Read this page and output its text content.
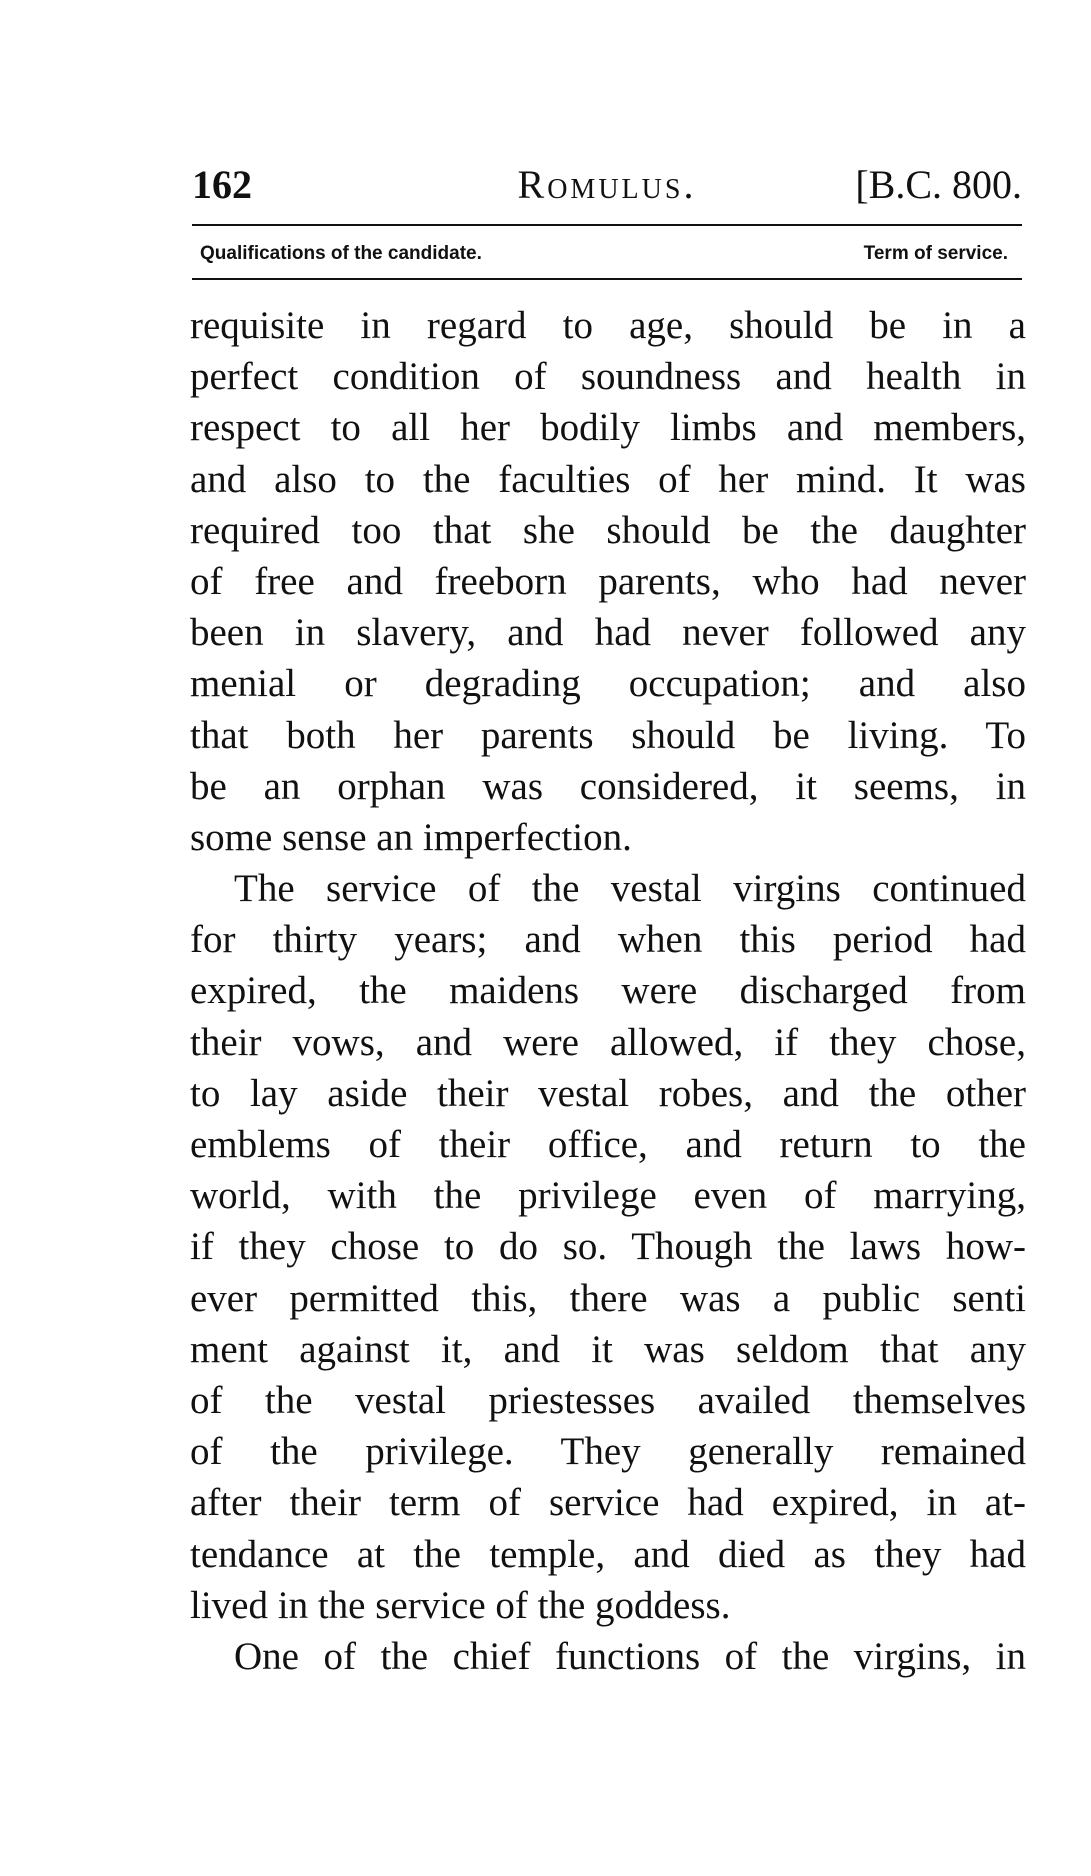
162	Romulus.	[B.C. 800.
Qualifications of the candidate.	Term of service.
requisite in regard to age, should be in a
perfect condition of soundness and health in
respect to all her bodily limbs and members,
and also to the faculties of her mind. It was
required too that she should be the daughter
of free and freeborn parents, who had never
been in slavery, and had never followed any
menial or degrading occupation; and also
that both her parents should be living. To
be an orphan was considered, it seems, in
some sense an imperfection.
The service of the vestal virgins continued
for thirty years; and when this period had
expired, the maidens were discharged from
their vows, and were allowed, if they chose,
to lay aside their vestal robes, and the other
emblems of their office, and return to the
world, with the privilege even of marrying,
if they chose to do so. Though the laws how-
ever permitted this, there was a public senti
ment against it, and it was seldom that any
of the vestal priestesses availed themselves
of the privilege. They generally remained
after their term of service had expired, in at-
tendance at the temple, and died as they had
lived in the service of the goddess.
One of the chief functions of the virgins, in
